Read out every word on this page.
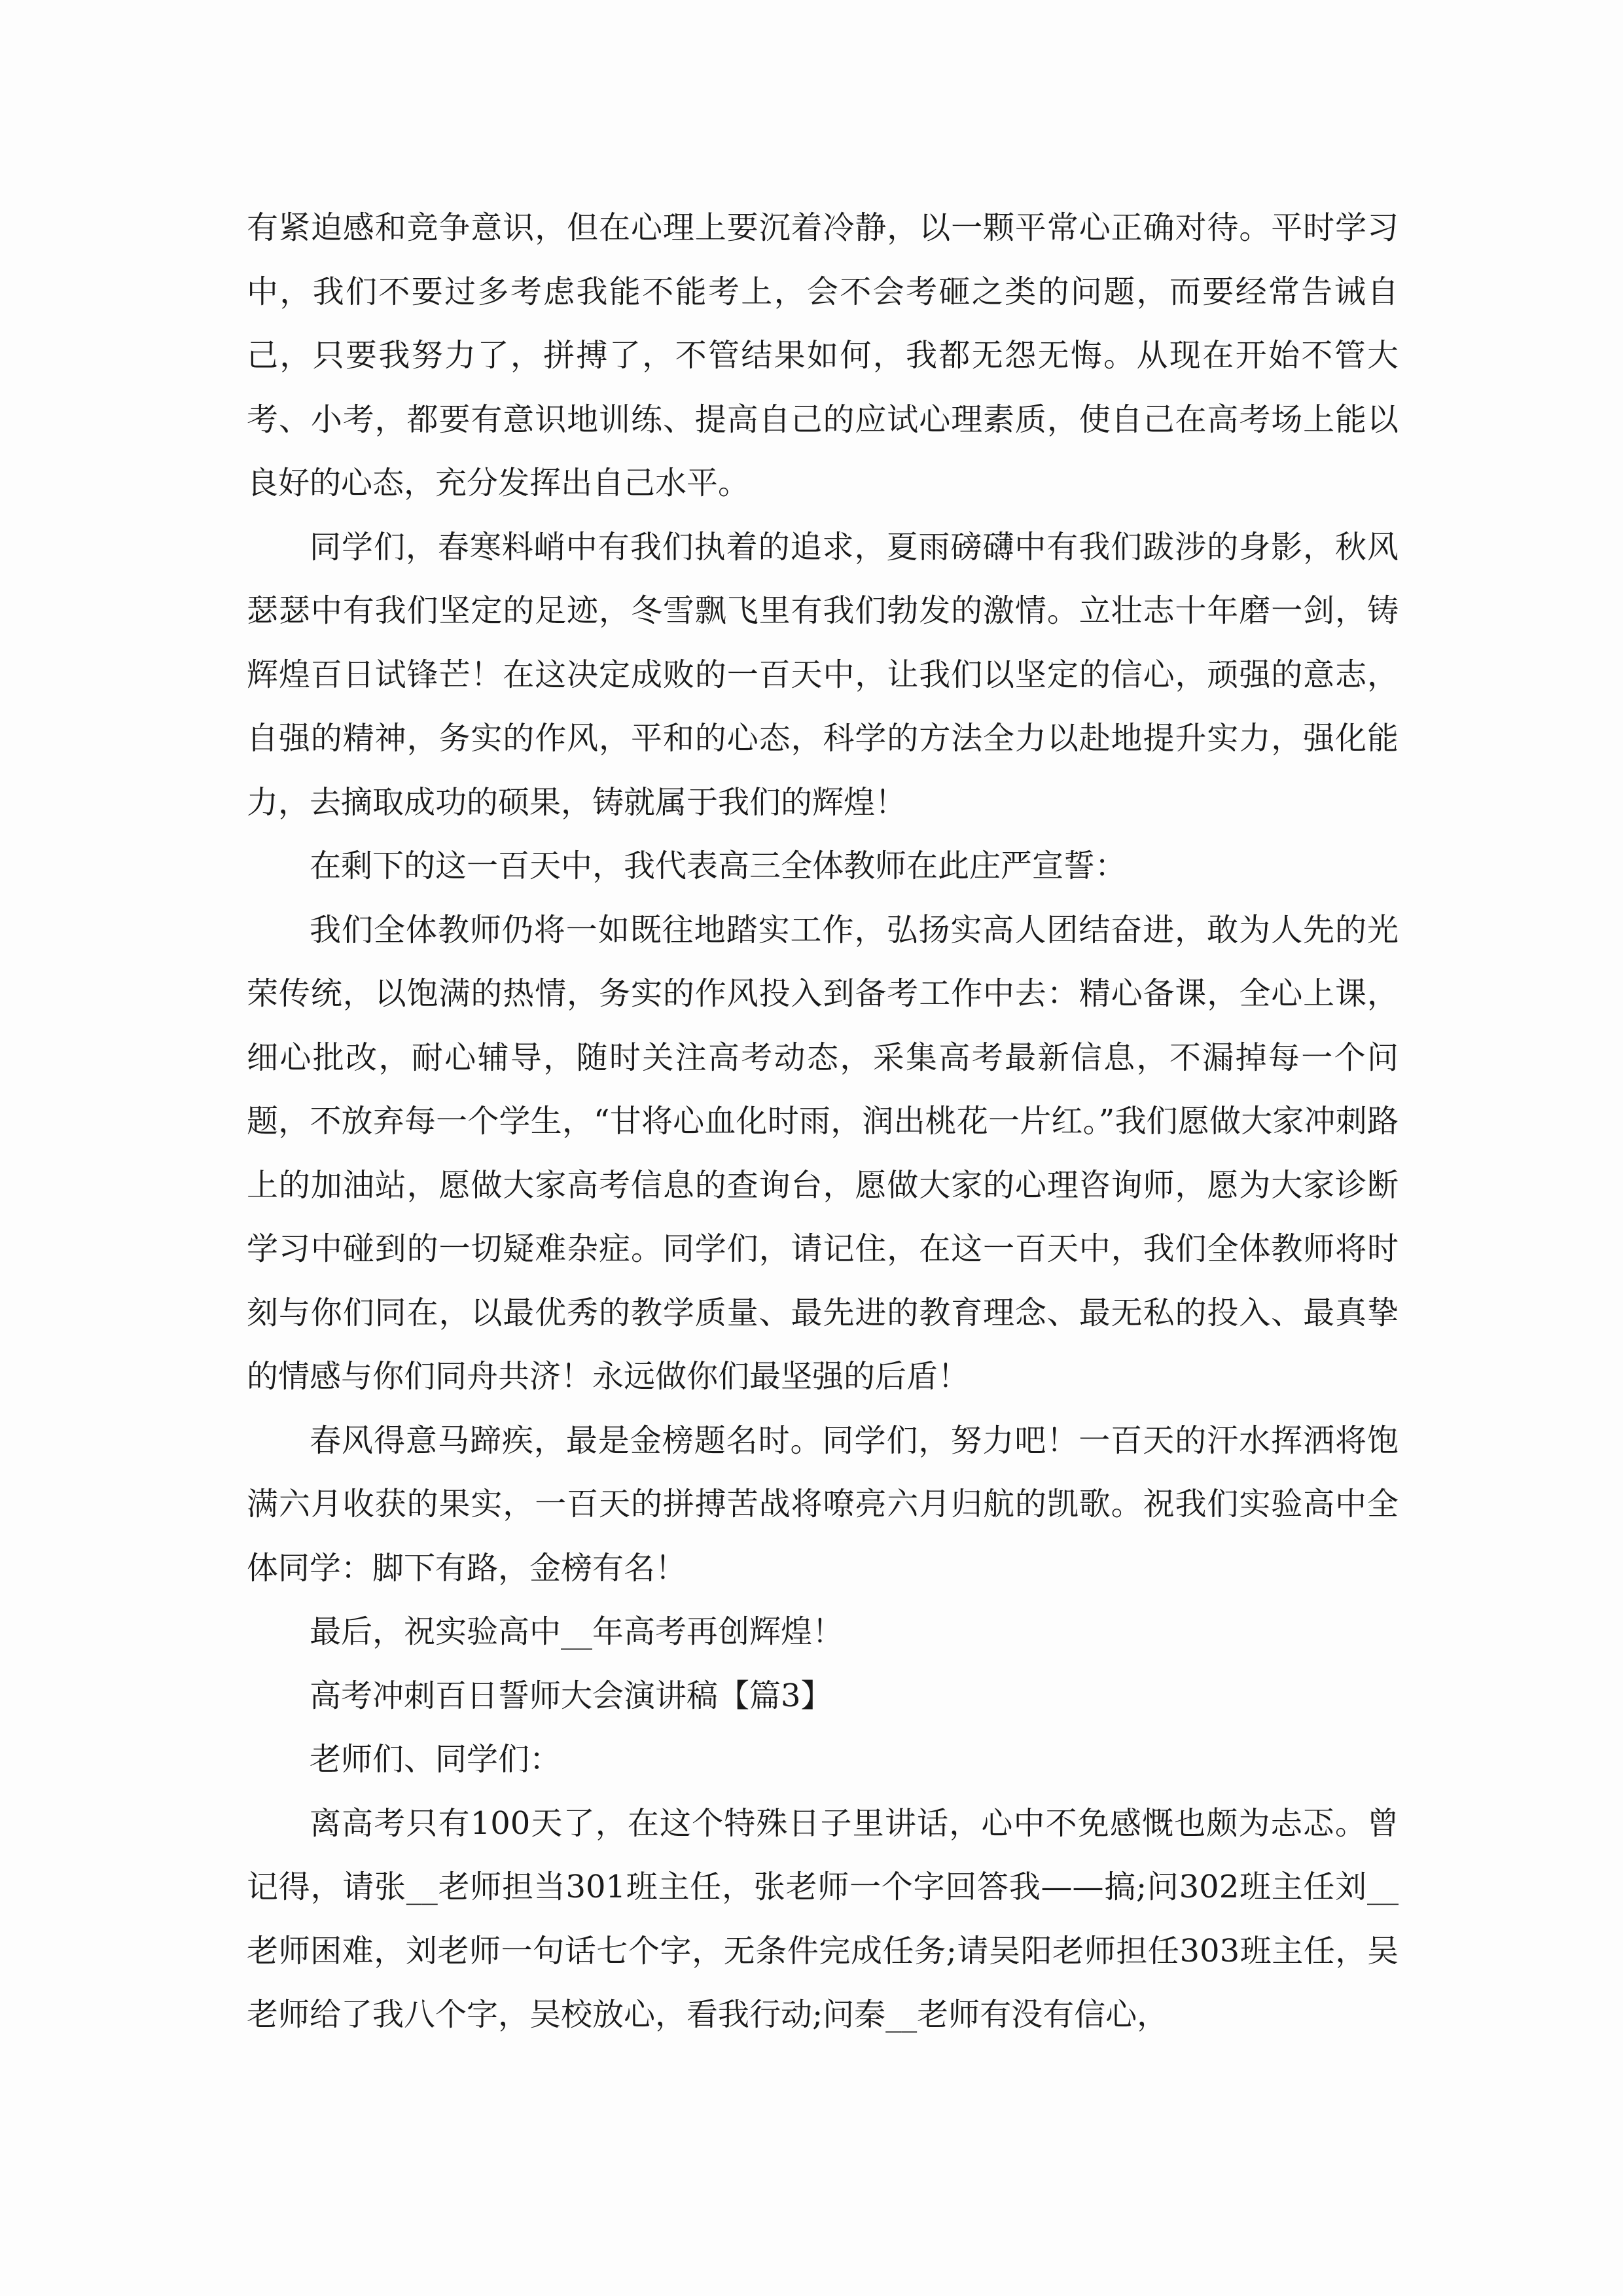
有紧迫感和竞争意识，但在心理上要沉着冷静，以一颗平常心正确对待。平时学习中，我们不要过多考虑我能不能考上，会不会考砸之类的问题，而要经常告诫自己，只要我努力了，拼搏了，不管结果如何，我都无怨无悔。从现在开始不管大考、小考，都要有意识地训练、提高自己的应试心理素质，使自己在高考场上能以良好的心态，充分发挥出自己水平。

同学们，春寒料峭中有我们执着的追求，夏雨磅礴中有我们跋涉的身影，秋风瑟瑟中有我们坚定的足迹，冬雪飘飞里有我们勃发的激情。立壮志十年磨一剑，铸辉煌百日试锋芒！在这决定成败的一百天中，让我们以坚定的信心，顽强的意志，自强的精神，务实的作风，平和的心态，科学的方法全力以赴地提升实力，强化能力，去摘取成功的硕果，铸就属于我们的辉煌！

在剩下的这一百天中，我代表高三全体教师在此庄严宣誓：

我们全体教师仍将一如既往地踏实工作，弘扬实高人团结奋进，敢为人先的光荣传统，以饱满的热情，务实的作风投入到备考工作中去：精心备课，全心上课，细心批改，耐心辅导，随时关注高考动态，采集高考最新信息，不漏掉每一个问题，不放弃每一个学生，“甘将心血化时雨，润出桃花一片红。”我们愿做大家冲刺路上的加油站，愿做大家高考信息的查询台，愿做大家的心理咨询师，愿为大家诊断学习中碰到的一切疑难杂症。同学们，请记住，在这一百天中，我们全体教师将时刻与你们同在，以最优秀的教学质量、最先进的教育理念、最无私的投入、最真挚的情感与你们同舟共济！永远做你们最坚强的后盾！

春风得意马蹄疾，最是金榜题名时。同学们，努力吧！一百天的汗水挥洒将饱满六月收获的果实，一百天的拼搏苦战将嘹亮六月归航的凯歌。祝我们实验高中全体同学：脚下有路，金榜有名！

最后，祝实验高中__年高考再创辉煌！

高考冲刺百日誓师大会演讲稿【篇3】

老师们、同学们：

离高考只有100天了，在这个特殊日子里讲话，心中不免感慨也颇为忐忑。曾记得，请张__老师担当301班主任，张老师一个字回答我——搞;问302班主任刘__老师困难，刘老师一句话七个字，无条件完成任务;请吴阳老师担任303班主任，吴老师给了我八个字，吴校放心，看我行动;问秦__老师有没有信心，
